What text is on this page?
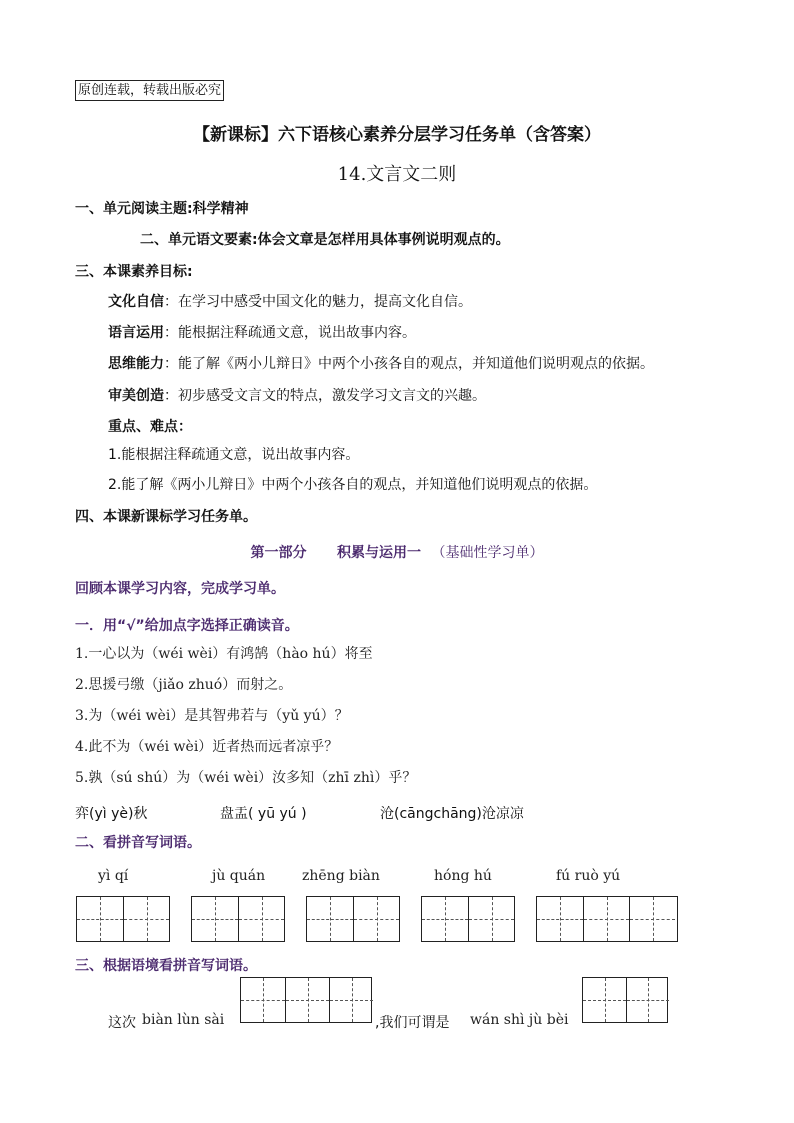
原创连载，转载出版必究
【新课标】六下语核心素养分层学习任务单（含答案）
14.文言文二则
一、单元阅读主题:科学精神
二、单元语文要素:体会文章是怎样用具体事例说明观点的。
三、本课素养目标:
文化自信：在学习中感受中国文化的魅力，提高文化自信。
语言运用：能根据注释疏通文意，说出故事内容。
思维能力：能了解《两小儿辩日》中两个小孩各自的观点，并知道他们说明观点的依据。
审美创造：初步感受文言文的特点，激发学习文言文的兴趣。
重点、难点：
1.能根据注释疏通文意，说出故事内容。
2.能了解《两小儿辩日》中两个小孩各自的观点，并知道他们说明观点的依据。
四、本课新课标学习任务单。
第一部分 积累与运用一 （基础性学习单）
回顾本课学习内容，完成学习单。
一．用“√”给加点字选择正确读音。
1.一心以为（wéi wèi）有鸿鹄（hào hú）将至
2.思援弓缴（jiǎo zhuó）而射之。
3.为（wéi wèi）是其智弗若与（yǔ yú）？
4.此不为（wéi wèi）近者热而远者凉乎？
5.孰（sú shú）为（wéi wèi）汝多知（zhī zhì）乎？
弈(yì yè)秋	盘盂( yū yú )	沧(cāngchāng)沧凉凉
二、看拼音写词语。
yì qí	jù quán	zhēng biàn	hóng hú	fú ruò yú
三、根据语境看拼音写词语。
这次 biàn lùn sài	,我们可谓是 wán shì jù bèi
